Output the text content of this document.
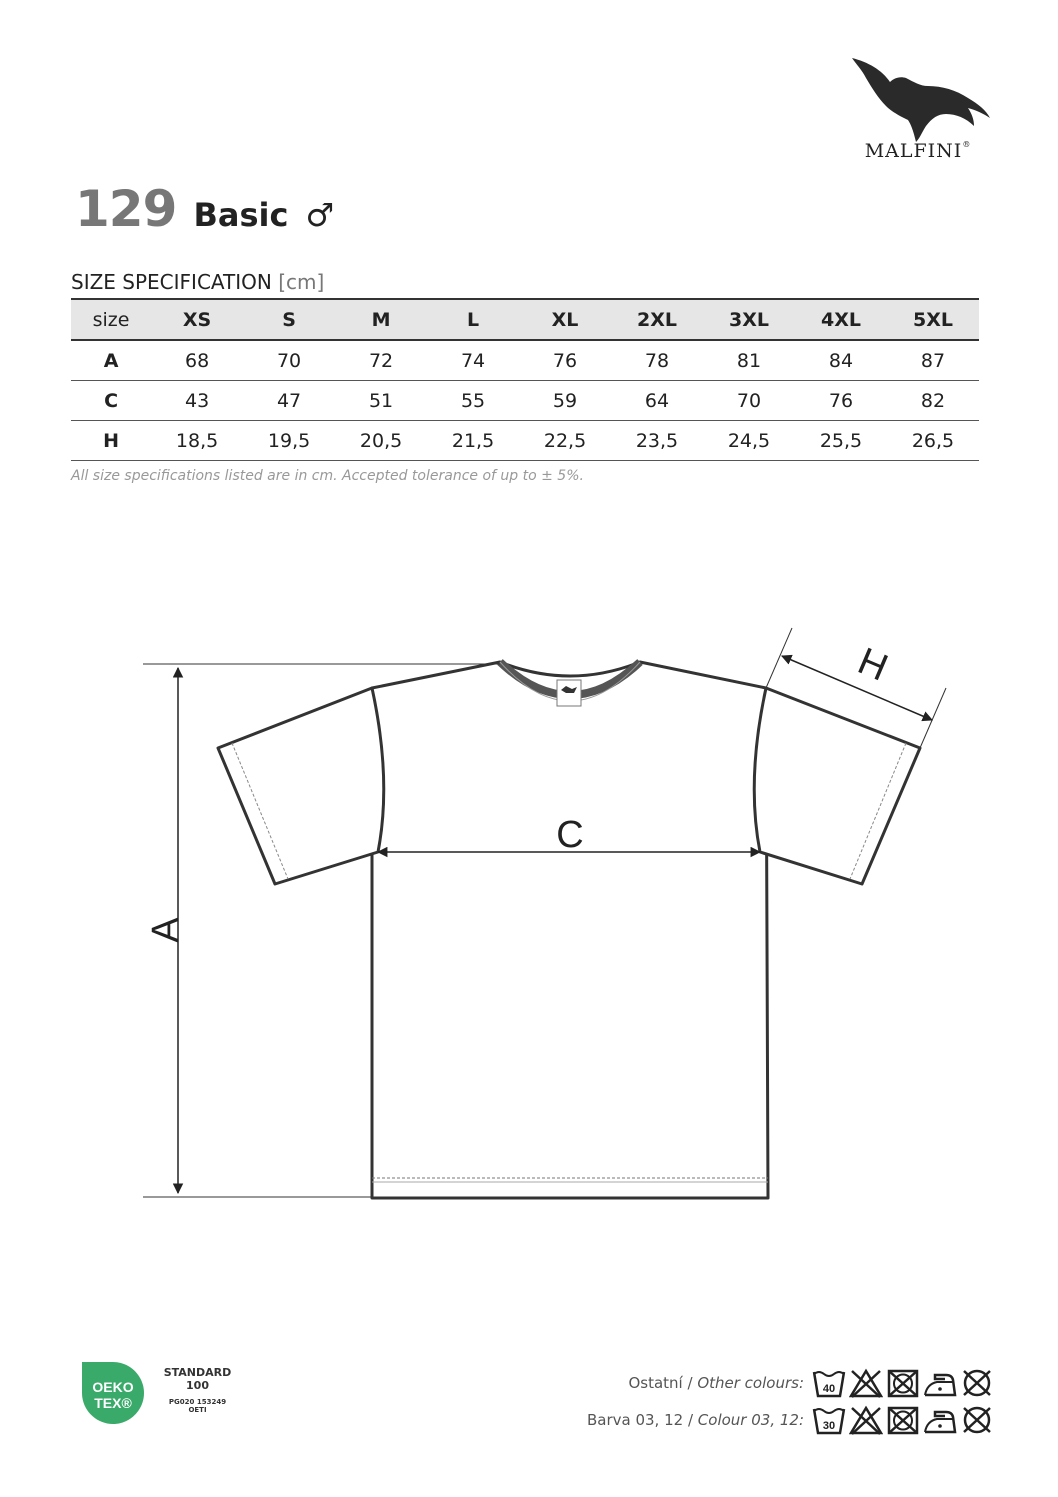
MALFINI®
129 Basic ♂
SIZE SPECIFICATION [cm]
size	XS	S	M	L	XL	2XL	3XL	4XL	5XL
A	68	70	72	74	76	78	81	84	87
C	43	47	51	55	59	64	70	76	82
H	18,5	19,5	20,5	21,5	22,5	23,5	24,5	25,5	26,5
All size specifications listed are in cm. Accepted tolerance of up to ± 5%.
A
C
H
OEKO
TEX®
STANDARD
100
PG020 153249
OETI
Ostatní / Other colours: 40
Barva 03, 12 / Colour 03, 12: 30
